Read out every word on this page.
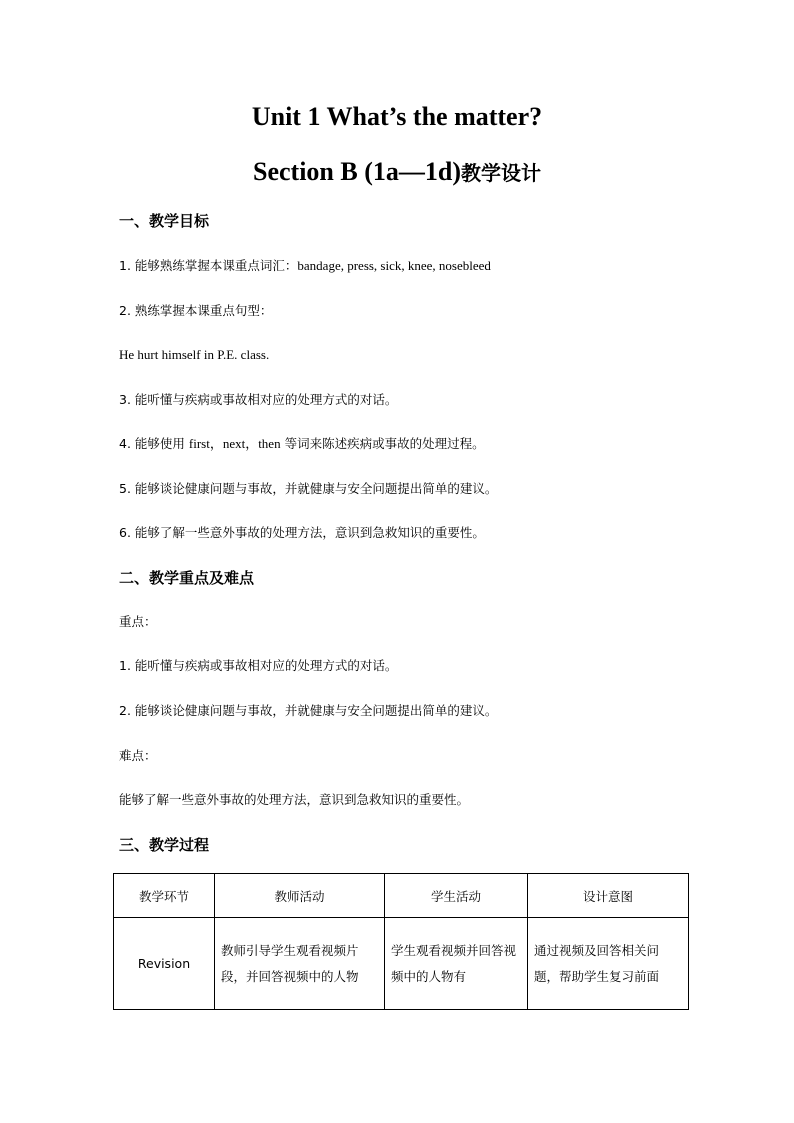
Unit 1 What’s the matter?
Section B (1a—1d)教学设计
一、教学目标
1. 能够熟练掌握本课重点词汇：bandage, press, sick, knee, nosebleed
2. 熟练掌握本课重点句型：
He hurt himself in P.E. class.
3. 能听懂与疾病或事故相对应的处理方式的对话。
4. 能够使用 first，next，then 等词来陈述疾病或事故的处理过程。
5. 能够谈论健康问题与事故，并就健康与安全问题提出简单的建议。
6. 能够了解一些意外事故的处理方法，意识到急救知识的重要性。
二、教学重点及难点
重点：
1. 能听懂与疾病或事故相对应的处理方式的对话。
2. 能够谈论健康问题与事故，并就健康与安全问题提出简单的建议。
难点：
能够了解一些意外事故的处理方法，意识到急救知识的重要性。
三、教学过程
教学环节	教师活动	学生活动	设计意图
Revision	教师引导学生观看视频片段，并回答视频中的人物	学生观看视频并回答视频中的人物有	通过视频及回答相关问题，帮助学生复习前面
